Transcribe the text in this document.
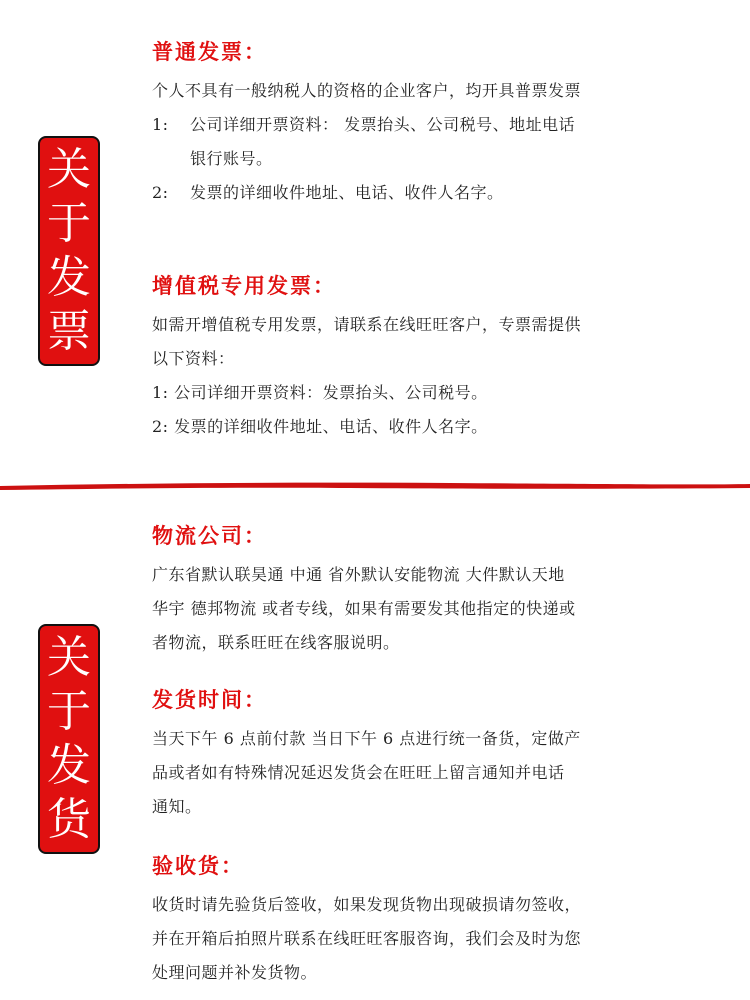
关
于
发
票

普通发票：

个人不具有一般纳税人的资格的企业客户，均开具普票发票

1: 公司详细开票资料： 发票抬头、公司税号、地址电话

银行账号。

2: 发票的详细收件地址、电话、收件人名字。

增值税专用发票：

如需开增值税专用发票，请联系在线旺旺客户，专票需提供

以下资料：

1: 公司详细开票资料：发票抬头、公司税号。

2: 发票的详细收件地址、电话、收件人名字。

关
于
发
货

物流公司：

广东省默认联昊通 中通 省外默认安能物流 大件默认天地

华宇 德邦物流 或者专线，如果有需要发其他指定的快递或

者物流，联系旺旺在线客服说明。

发货时间：

当天下午 6 点前付款 当日下午 6 点进行统一备货，定做产

品或者如有特殊情况延迟发货会在旺旺上留言通知并电话

通知。

验收货：

收货时请先验货后签收，如果发现货物出现破损请勿签收，

并在开箱后拍照片联系在线旺旺客服咨询，我们会及时为您

处理问题并补发货物。
